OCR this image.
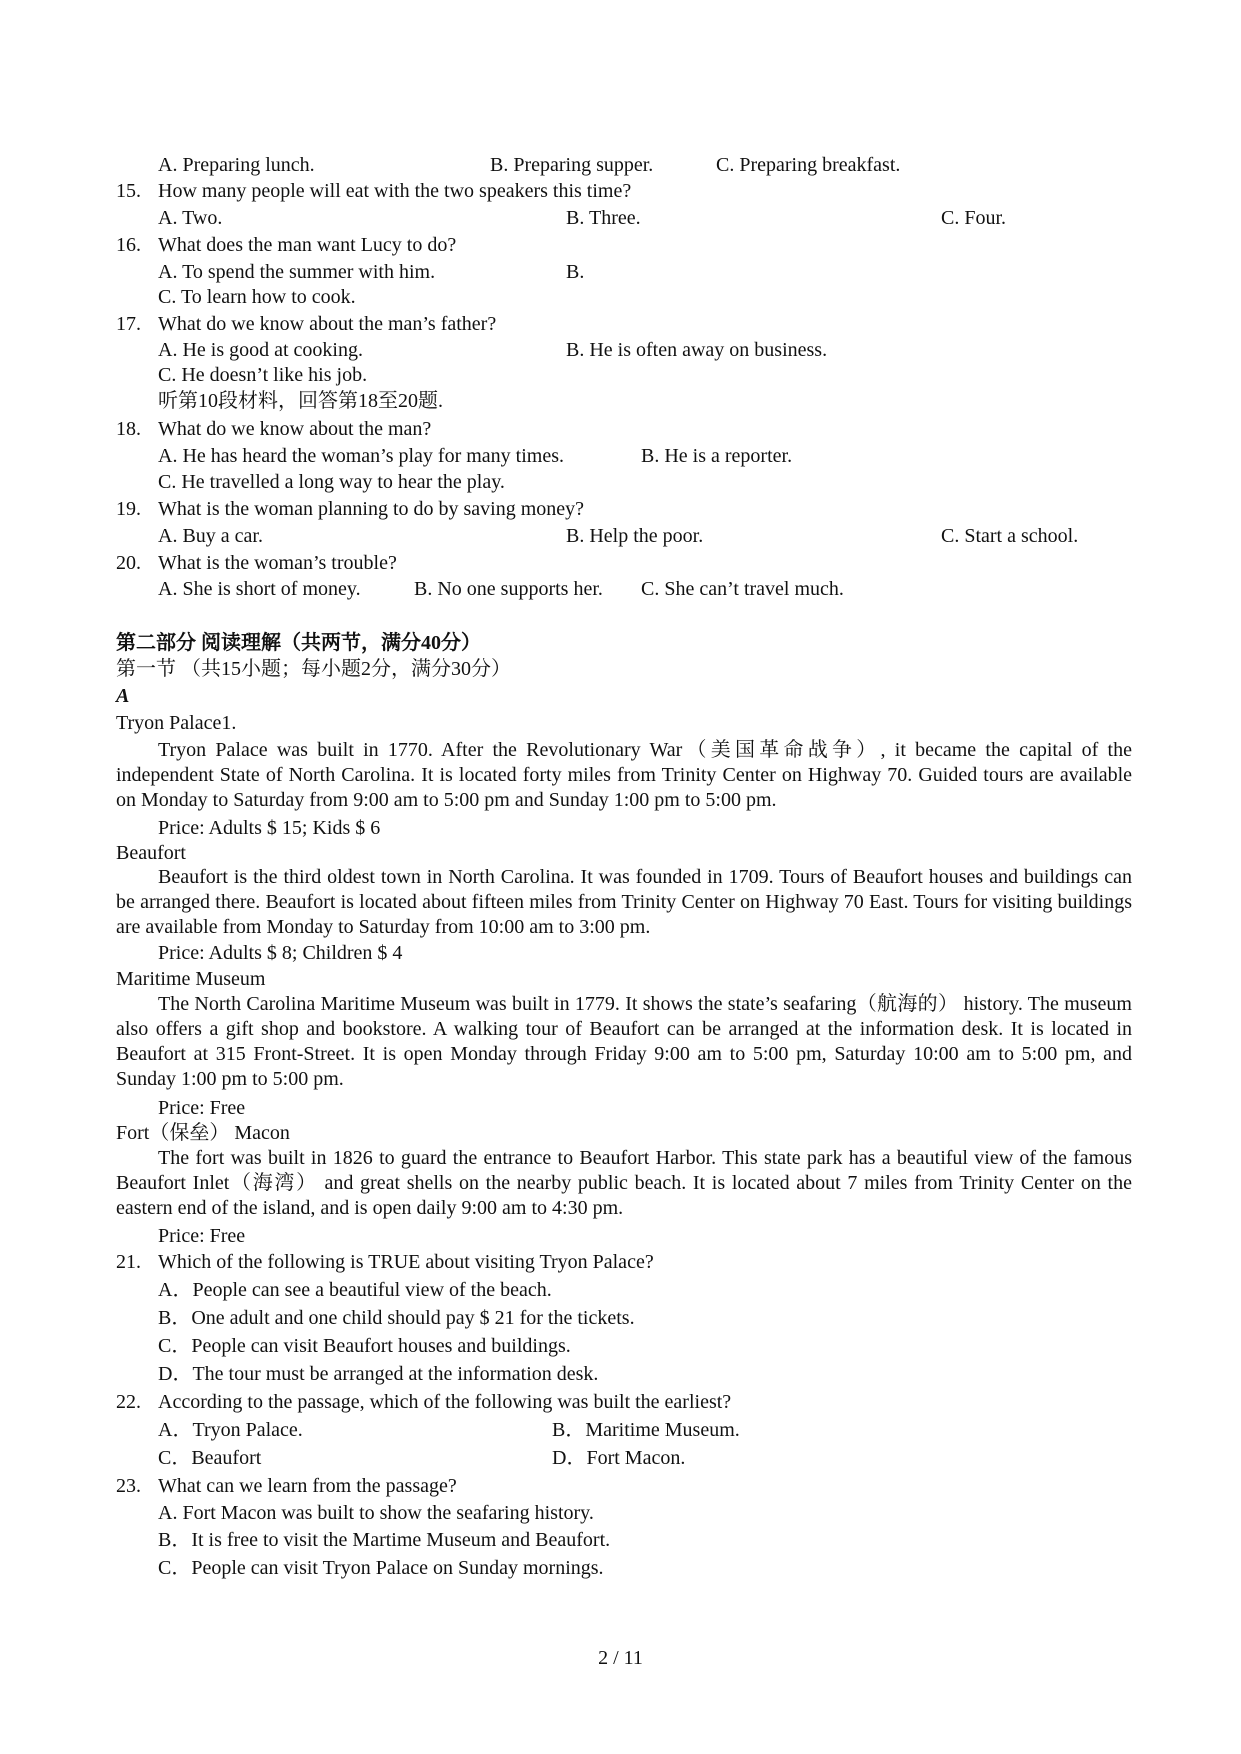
A. Preparing lunch.	B. Preparing supper.	C. Preparing breakfast.
15. How many people will eat with the two speakers this time?
A. Two.	B. Three.	C. Four.
16. What does the man want Lucy to do?
A. To spend the summer with him.	B.
C. To learn how to cook.
17. What do we know about the man’s father?
A. He is good at cooking.	B. He is often away on business.
C. He doesn’t like his job.
听第10段材料，回答第18至20题.
18. What do we know about the man?
A. He has heard the woman’s play for many times.	B. He is a reporter.
C. He travelled a long way to hear the play.
19. What is the woman planning to do by saving money?
A. Buy a car.	B. Help the poor.	C. Start a school.
20. What is the woman’s trouble?
A. She is short of money.	B. No one supports her. C. She can’t travel much.
第二部分 阅读理解（共两节，满分40分）
第一节 （共15小题；每小题2分，满分30分）
A
Tryon Palace1.
Tryon Palace was built in 1770. After the Revolutionary War（美国革命战争）, it became the capital of the independent State of North Carolina. It is located forty miles from Trinity Center on Highway 70. Guided tours are available on Monday to Saturday from 9:00 am to 5:00 pm and Sunday 1:00 pm to 5:00 pm.
Price: Adults $ 15; Kids $ 6
Beaufort
Beaufort is the third oldest town in North Carolina. It was founded in 1709. Tours of Beaufort houses and buildings can be arranged there. Beaufort is located about fifteen miles from Trinity Center on Highway 70 East. Tours for visiting buildings are available from Monday to Saturday from 10:00 am to 3:00 pm.
Price: Adults $ 8; Children $ 4
Maritime Museum
The North Carolina Maritime Museum was built in 1779. It shows the state’s seafaring（航海的） history. The museum also offers a gift shop and bookstore. A walking tour of Beaufort can be arranged at the information desk. It is located in Beaufort at 315 Front-Street. It is open Monday through Friday 9:00 am to 5:00 pm, Saturday 10:00 am to 5:00 pm, and Sunday 1:00 pm to 5:00 pm.
Price: Free
Fort（保垒） Macon
The fort was built in 1826 to guard the entrance to Beaufort Harbor. This state park has a beautiful view of the famous Beaufort Inlet（海湾） and great shells on the nearby public beach. It is located about 7 miles from Trinity Center on the eastern end of the island, and is open daily 9:00 am to 4:30 pm.
Price: Free
21. Which of the following is TRUE about visiting Tryon Palace?
A．People can see a beautiful view of the beach.
B．One adult and one child should pay $ 21 for the tickets.
C．People can visit Beaufort houses and buildings.
D．The tour must be arranged at the information desk.
22. According to the passage, which of the following was built the earliest?
A．Tryon Palace.	B．Maritime Museum.
C．Beaufort	D．Fort Macon.
23. What can we learn from the passage?
A. Fort Macon was built to show the seafaring history.
B．It is free to visit the Martime Museum and Beaufort.
C．People can visit Tryon Palace on Sunday mornings.
2 / 11
